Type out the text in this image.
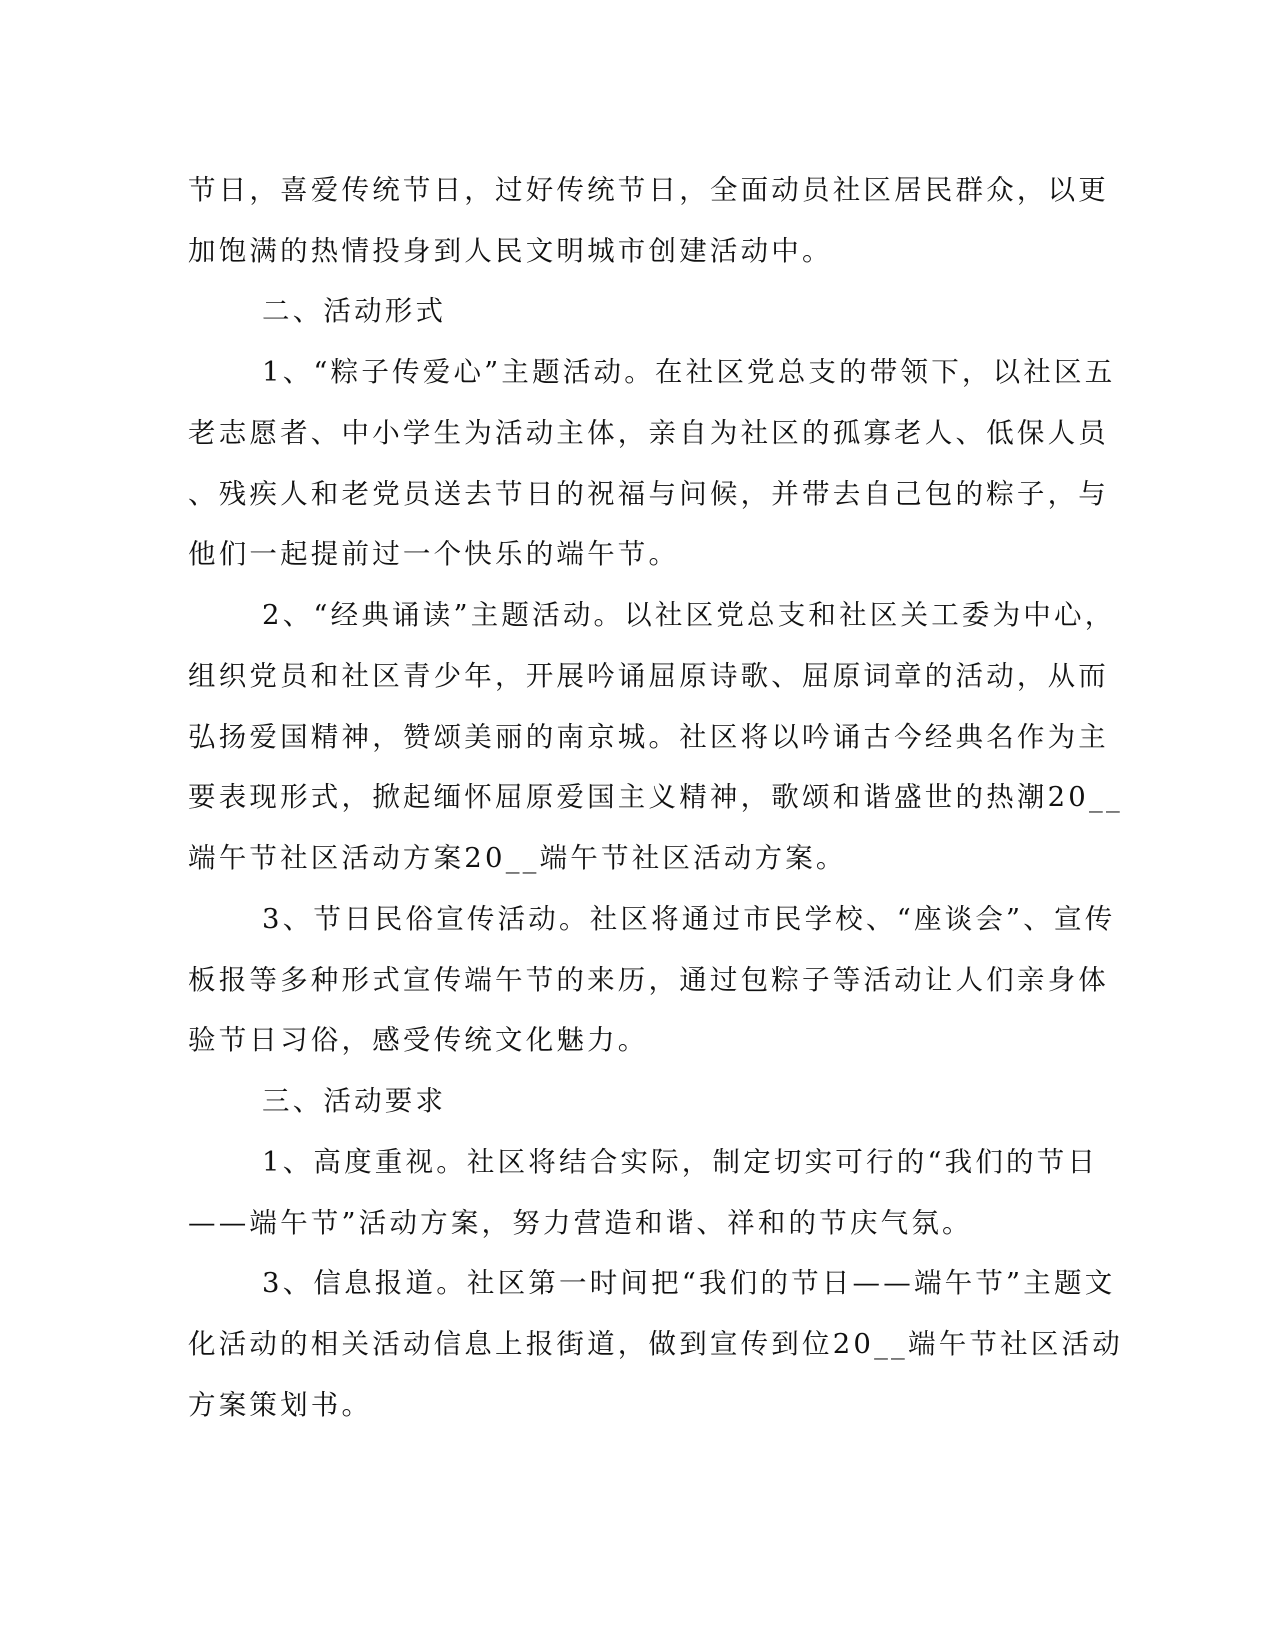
节日，喜爱传统节日，过好传统节日，全面动员社区居民群众，以更
加饱满的热情投身到人民文明城市创建活动中。
二、活动形式
1、“粽子传爱心”主题活动。在社区党总支的带领下，以社区五
老志愿者、中小学生为活动主体，亲自为社区的孤寡老人、低保人员
、残疾人和老党员送去节日的祝福与问候，并带去自己包的粽子，与
他们一起提前过一个快乐的端午节。
2、“经典诵读”主题活动。以社区党总支和社区关工委为中心，
组织党员和社区青少年，开展吟诵屈原诗歌、屈原词章的活动，从而
弘扬爱国精神，赞颂美丽的南京城。社区将以吟诵古今经典名作为主
要表现形式，掀起缅怀屈原爱国主义精神，歌颂和谐盛世的热潮20__
端午节社区活动方案20__端午节社区活动方案。
3、节日民俗宣传活动。社区将通过市民学校、“座谈会”、宣传
板报等多种形式宣传端午节的来历，通过包粽子等活动让人们亲身体
验节日习俗，感受传统文化魅力。
三、活动要求
1、高度重视。社区将结合实际，制定切实可行的“我们的节日
——端午节”活动方案，努力营造和谐、祥和的节庆气氛。
3、信息报道。社区第一时间把“我们的节日——端午节”主题文
化活动的相关活动信息上报街道，做到宣传到位20__端午节社区活动
方案策划书。
